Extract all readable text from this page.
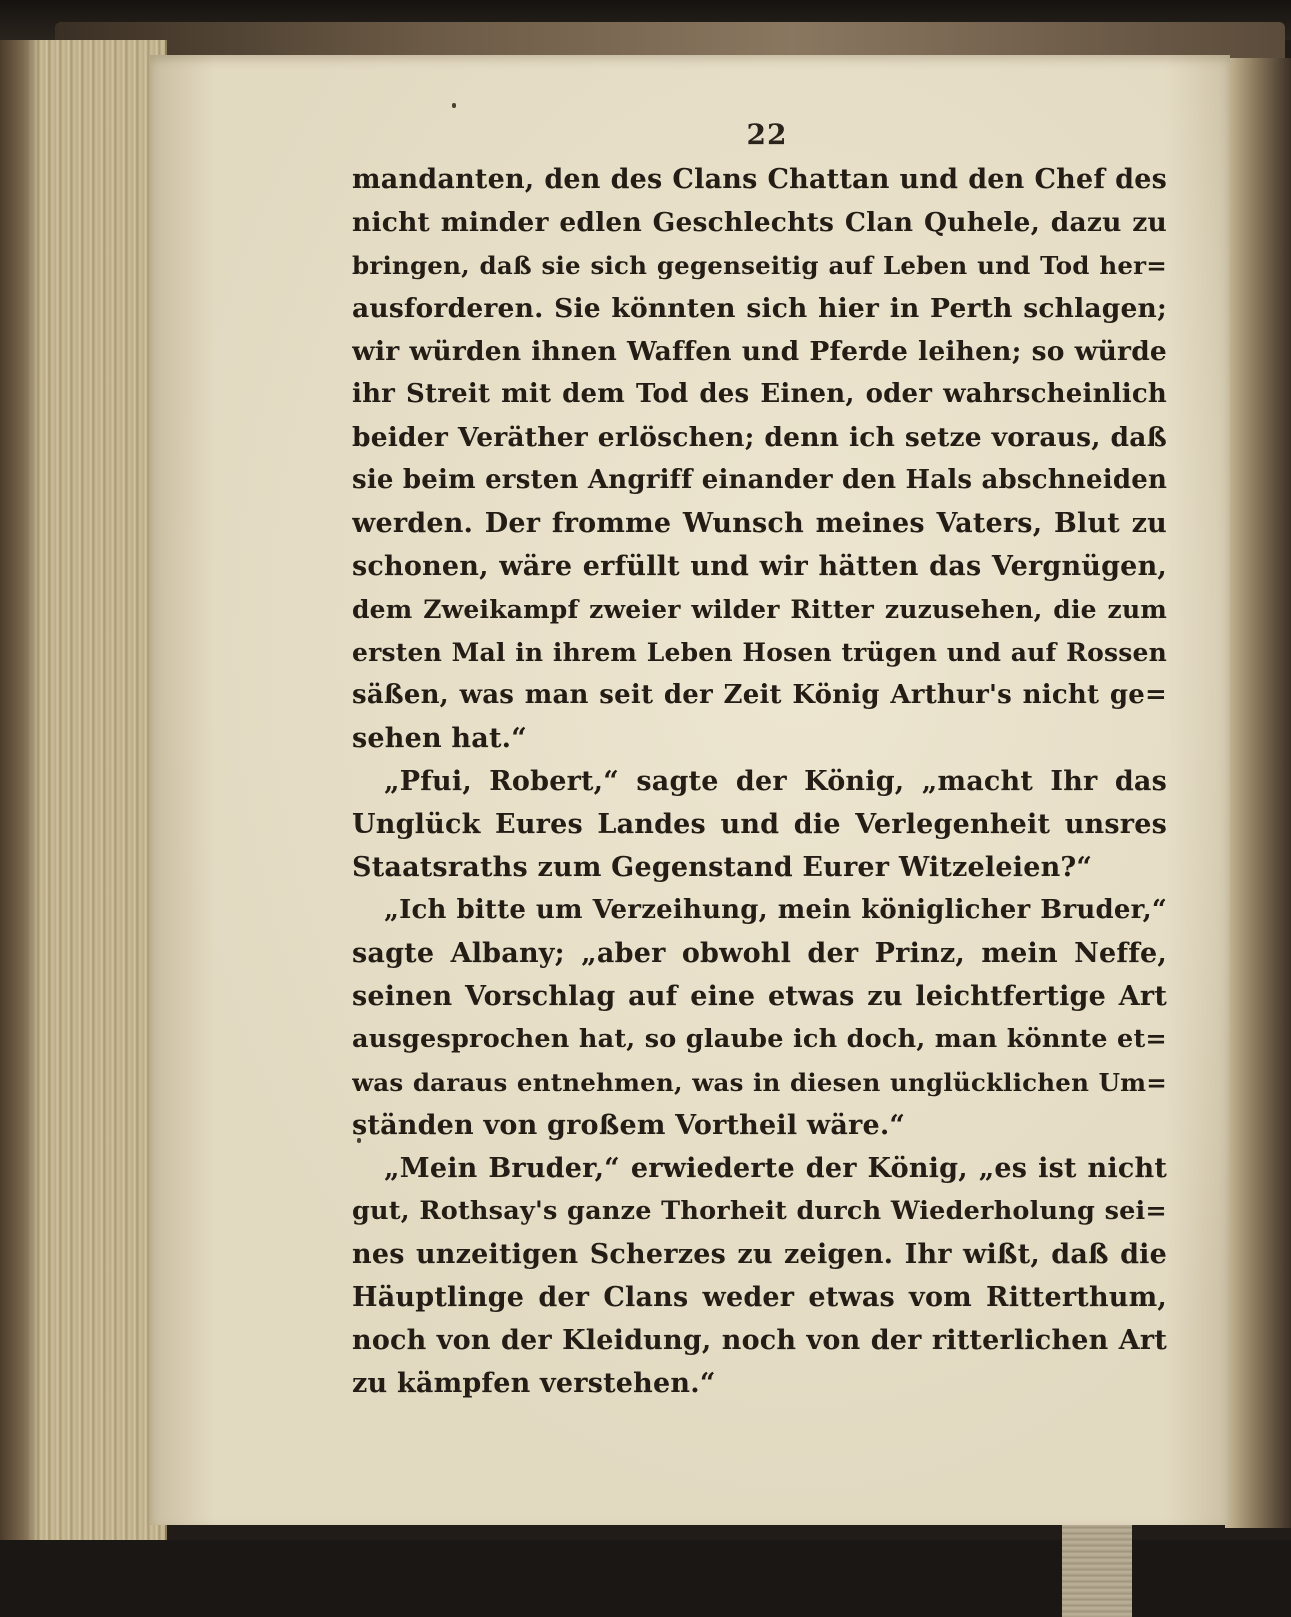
22
mandanten, den des Clans Chattan und den Chef des
nicht minder edlen Geschlechts Clan Quhele, dazu zu
bringen, daß sie sich gegenseitig auf Leben und Tod her=
ausforderen. Sie könnten sich hier in Perth schlagen;
wir würden ihnen Waffen und Pferde leihen; so würde
ihr Streit mit dem Tod des Einen, oder wahrscheinlich
beider Veräther erlöschen; denn ich setze voraus, daß
sie beim ersten Angriff einander den Hals abschneiden
werden. Der fromme Wunsch meines Vaters, Blut zu
schonen, wäre erfüllt und wir hätten das Vergnügen,
dem Zweikampf zweier wilder Ritter zuzusehen, die zum
ersten Mal in ihrem Leben Hosen trügen und auf Rossen
säßen, was man seit der Zeit König Arthur's nicht ge=
sehen hat.“
„Pfui, Robert,“ sagte der König, „macht Ihr das
Unglück Eures Landes und die Verlegenheit unsres
Staatsraths zum Gegenstand Eurer Witzeleien?“
„Ich bitte um Verzeihung, mein königlicher Bruder,“
sagte Albany; „aber obwohl der Prinz, mein Neffe,
seinen Vorschlag auf eine etwas zu leichtfertige Art
ausgesprochen hat, so glaube ich doch, man könnte et=
was daraus entnehmen, was in diesen unglücklichen Um=
ständen von großem Vortheil wäre.“
„Mein Bruder,“ erwiederte der König, „es ist nicht
gut, Rothsay's ganze Thorheit durch Wiederholung sei=
nes unzeitigen Scherzes zu zeigen. Ihr wißt, daß die
Häuptlinge der Clans weder etwas vom Ritterthum,
noch von der Kleidung, noch von der ritterlichen Art
zu kämpfen verstehen.“
